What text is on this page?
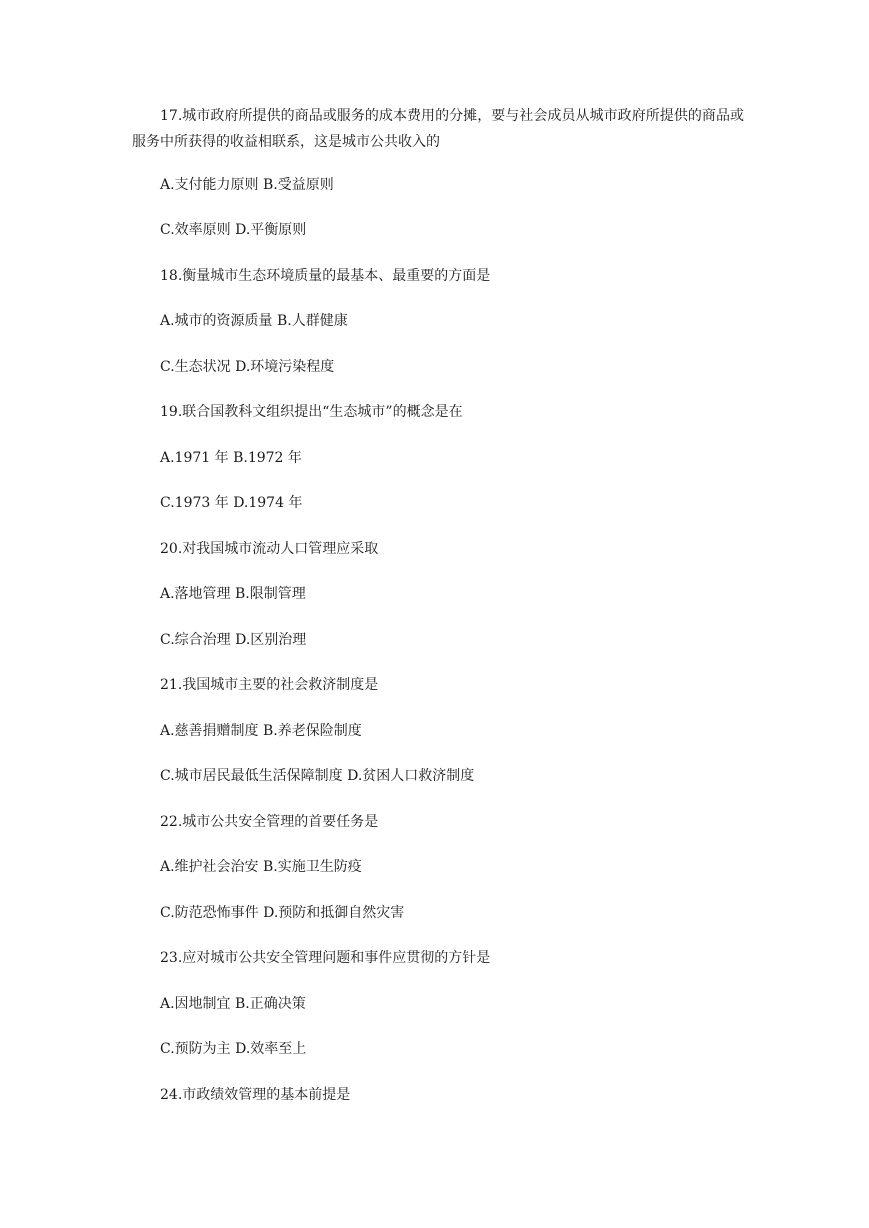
17.城市政府所提供的商品或服务的成本费用的分摊，要与社会成员从城市政府所提供的商品或服务中所获得的收益相联系，这是城市公共收入的
A.支付能力原则 B.受益原则
C.效率原则 D.平衡原则
18.衡量城市生态环境质量的最基本、最重要的方面是
A.城市的资源质量 B.人群健康
C.生态状况 D.环境污染程度
19.联合国教科文组织提出“生态城市”的概念是在
A.1971 年 B.1972 年
C.1973 年 D.1974 年
20.对我国城市流动人口管理应采取
A.落地管理 B.限制管理
C.综合治理 D.区别治理
21.我国城市主要的社会救济制度是
A.慈善捐赠制度 B.养老保险制度
C.城市居民最低生活保障制度 D.贫困人口救济制度
22.城市公共安全管理的首要任务是
A.维护社会治安 B.实施卫生防疫
C.防范恐怖事件 D.预防和抵御自然灾害
23.应对城市公共安全管理问题和事件应贯彻的方针是
A.因地制宜 B.正确决策
C.预防为主 D.效率至上
24.市政绩效管理的基本前提是
